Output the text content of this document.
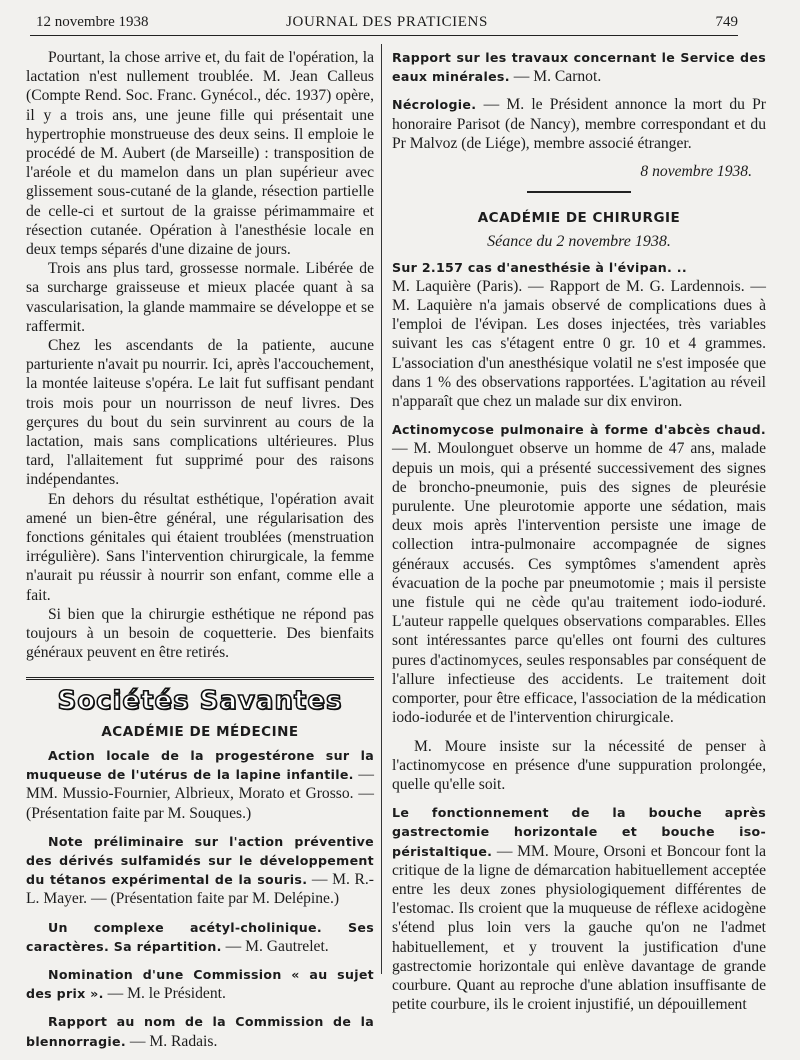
12 novembre 1938	JOURNAL DES PRATICIENS	749

Pourtant, la chose arrive et, du fait de l'opération, la lactation n'est nullement troublée. M. Jean Calleus (Compte Rend. Soc. Franc. Gynécol., déc. 1937) opère, il y a trois ans, une jeune fille qui présentait une hypertrophie monstrueuse des deux seins. Il emploie le procédé de M. Aubert (de Marseille) : transposition de l'aréole et du mamelon dans un plan supérieur avec glissement sous-cutané de la glande, résection partielle de celle-ci et surtout de la graisse périmammaire et résection cutanée. Opération à l'anesthésie locale en deux temps séparés d'une dizaine de jours.

Trois ans plus tard, grossesse normale. Libérée de sa surcharge graisseuse et mieux placée quant à sa vascularisation, la glande mammaire se développe et se raffermit.

Chez les ascendants de la patiente, aucune parturiente n'avait pu nourrir. Ici, après l'accouchement, la montée laiteuse s'opéra. Le lait fut suffisant pendant trois mois pour un nourrisson de neuf livres. Des gerçures du bout du sein survinrent au cours de la lactation, mais sans complications ultérieures. Plus tard, l'allaitement fut supprimé pour des raisons indépendantes.

En dehors du résultat esthétique, l'opération avait amené un bien-être général, une régularisation des fonctions génitales qui étaient troublées (menstruation irrégulière). Sans l'intervention chirurgicale, la femme n'aurait pu réussir à nourrir son enfant, comme elle a fait.

Si bien que la chirurgie esthétique ne répond pas toujours à un besoin de coquetterie. Des bienfaits généraux peuvent en être retirés.

Sociétés Savantes
ACADÉMIE DE MÉDECINE

Action locale de la progestérone sur la muqueuse de l'utérus de la lapine infantile. — MM. Mussio-Fournier, Albrieux, Morato et Grosso. — (Présentation faite par M. Souques.)

Note préliminaire sur l'action préventive des dérivés sulfamidés sur le développement du tétanos expérimental de la souris. — M. R.-L. Mayer. — (Présentation faite par M. Delépine.)

Un complexe acétyl-cholinique. Ses caractères. Sa répartition. — M. Gautrelet.

Nomination d'une Commission « au sujet des prix ». — M. le Président.

Rapport au nom de la Commission de la blennorragie. — M. Radais.

Rapport sur les travaux concernant le Service des eaux minérales. — M. Carnot.

Nécrologie. — M. le Président annonce la mort du Pr honoraire Parisot (de Nancy), membre correspondant et du Pr Malvoz (de Liége), membre associé étranger.

8 novembre 1938.
ACADÉMIE DE CHIRURGIE
Séance du 2 novembre 1938.

Sur 2.157 cas d'anesthésie à l'évipan. ..
M. Laquière (Paris). — Rapport de M. G. Lardennois. — M. Laquière n'a jamais observé de complications dues à l'emploi de l'évipan. Les doses injectées, très variables suivant les cas s'étagent entre 0 gr. 10 et 4 grammes. L'association d'un anesthésique volatil ne s'est imposée que dans 1 % des observations rapportées. L'agitation au réveil n'apparaît que chez un malade sur dix environ.

Actinomycose pulmonaire à forme d'abcès chaud. — M. Moulonguet observe un homme de 47 ans, malade depuis un mois, qui a présenté successivement des signes de broncho-pneumonie, puis des signes de pleurésie purulente. Une pleurotomie apporte une sédation, mais deux mois après l'intervention persiste une image de collection intra-pulmonaire accompagnée de signes généraux accusés. Ces symptômes s'amendent après évacuation de la poche par pneumotomie ; mais il persiste une fistule qui ne cède qu'au traitement iodo-ioduré. L'auteur rappelle quelques observations comparables. Elles sont intéressantes parce qu'elles ont fourni des cultures pures d'actinomyces, seules responsables par conséquent de l'allure infectieuse des accidents. Le traitement doit comporter, pour être efficace, l'association de la médication iodo-iodurée et de l'intervention chirurgicale.

M. Moure insiste sur la nécessité de penser à l'actinomycose en présence d'une suppuration prolongée, quelle qu'elle soit.

Le fonctionnement de la bouche après gastrectomie horizontale et bouche iso-péristaltique. — MM. Moure, Orsoni et Boncour font la critique de la ligne de démarcation habituellement acceptée entre les deux zones physiologiquement différentes de l'estomac. Ils croient que la muqueuse de réflexe acidogène s'étend plus loin vers la gauche qu'on ne l'admet habituellement, et y trouvent la justification d'une gastrectomie horizontale qui enlève davantage de grande courbure. Quant au reproche d'une ablation insuffisante de petite courbure, ils le croient injustifié, un dépouillement
